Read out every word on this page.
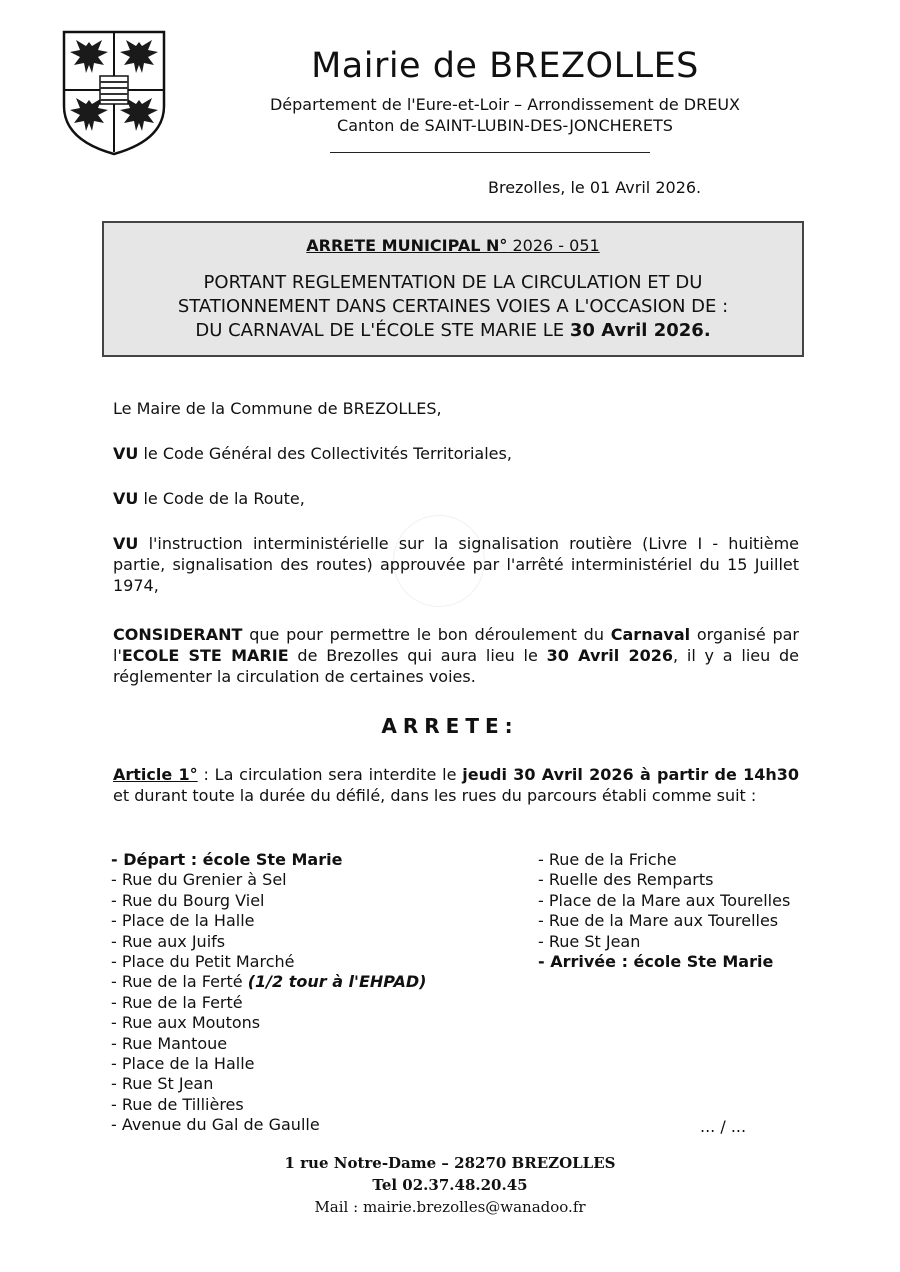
Mairie de BREZOLLES
Département de l'Eure-et-Loir – Arrondissement de DREUX
Canton de SAINT-LUBIN-DES-JONCHERETS
Brezolles, le 01 Avril 2026.
ARRETE MUNICIPAL N° 2026 - 051
PORTANT REGLEMENTATION DE LA CIRCULATION ET DU
STATIONNEMENT DANS CERTAINES VOIES A L'OCCASION DE :
DU CARNAVAL DE L'ÉCOLE STE MARIE LE 30 Avril 2026.

Le Maire de la Commune de BREZOLLES,

VU le Code Général des Collectivités Territoriales,

VU le Code de la Route,

VU l'instruction interministérielle sur la signalisation routière (Livre I - huitième partie, signalisation des routes) approuvée par l'arrêté interministériel du 15 Juillet 1974,

CONSIDERANT que pour permettre le bon déroulement du Carnaval organisé par l'ECOLE STE MARIE de Brezolles qui aura lieu le 30 Avril 2026, il y a lieu de réglementer la circulation de certaines voies.

ARRETE:

Article 1° : La circulation sera interdite le jeudi 30 Avril 2026 à partir de 14h30 et durant toute la durée du défilé, dans les rues du parcours établi comme suit :

- Départ : école Ste Marie
- Rue du Grenier à Sel
- Rue du Bourg Viel
- Place de la Halle
- Rue aux Juifs
- Place du Petit Marché
- Rue de la Ferté (1/2 tour à l'EHPAD)
- Rue de la Ferté
- Rue aux Moutons
- Rue Mantoue
- Place de la Halle
- Rue St Jean
- Rue de Tillières
- Avenue du Gal de Gaulle
- Rue de la Friche
- Ruelle des Remparts
- Place de la Mare aux Tourelles
- Rue de la Mare aux Tourelles
- Rue St Jean
- Arrivée : école Ste Marie
... / ...
1 rue Notre-Dame – 28270 BREZOLLES
Tel 02.37.48.20.45
Mail : mairie.brezolles@wanadoo.fr
